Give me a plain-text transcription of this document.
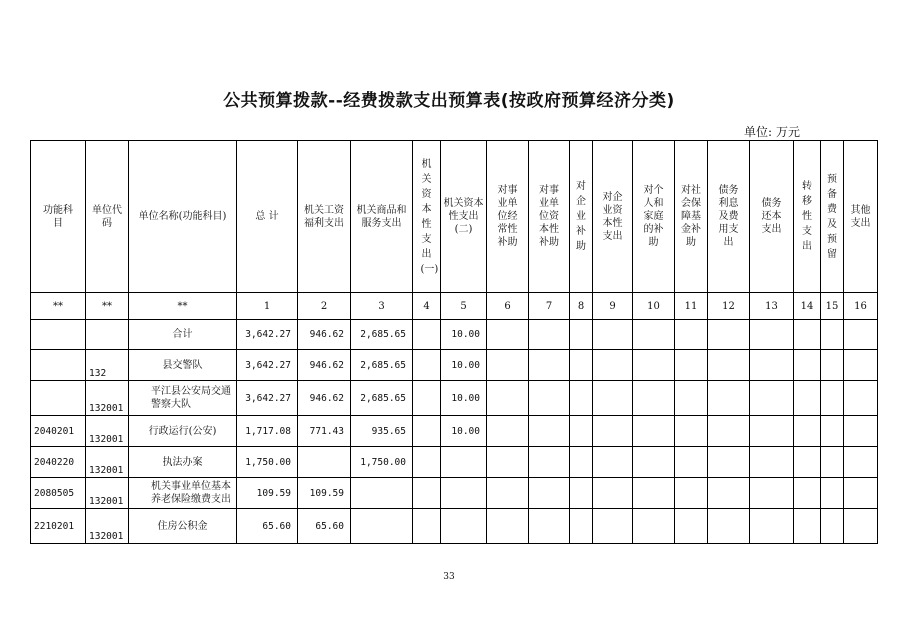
公共预算拨款--经费拨款支出预算表(按政府预算经济分类)
单位: 万元
功能科目	单位代码	单位名称(功能科目)	总 计	机关工资福利支出	机关商品和服务支出	机关资本性支出(一)	机关资本性支出(二)	对事业单位经常性补助	对事业单位资本性补助	对企业补助	对企业资本性支出	对个人和家庭的补助	对社会保障基金补助	债务利息及费用支出	债务还本支出	转移性支出	预备费及预留	其他支出
**	**	**	1	2	3	4	5	6	7	8	9	10	11	12	13	14	15	16
		合计	3,642.27	946.62	2,685.65		10.00											
	132	县交警队	3,642.27	946.62	2,685.65		10.00											
	132001	平江县公安局交通警察大队	3,642.27	946.62	2,685.65		10.00											
2040201	132001	行政运行(公安)	1,717.08	771.43	935.65		10.00											
2040220	132001	执法办案	1,750.00		1,750.00													
2080505	132001	机关事业单位基本养老保险缴费支出	109.59	109.59														
2210201	132001	住房公积金	65.60	65.60														
33
